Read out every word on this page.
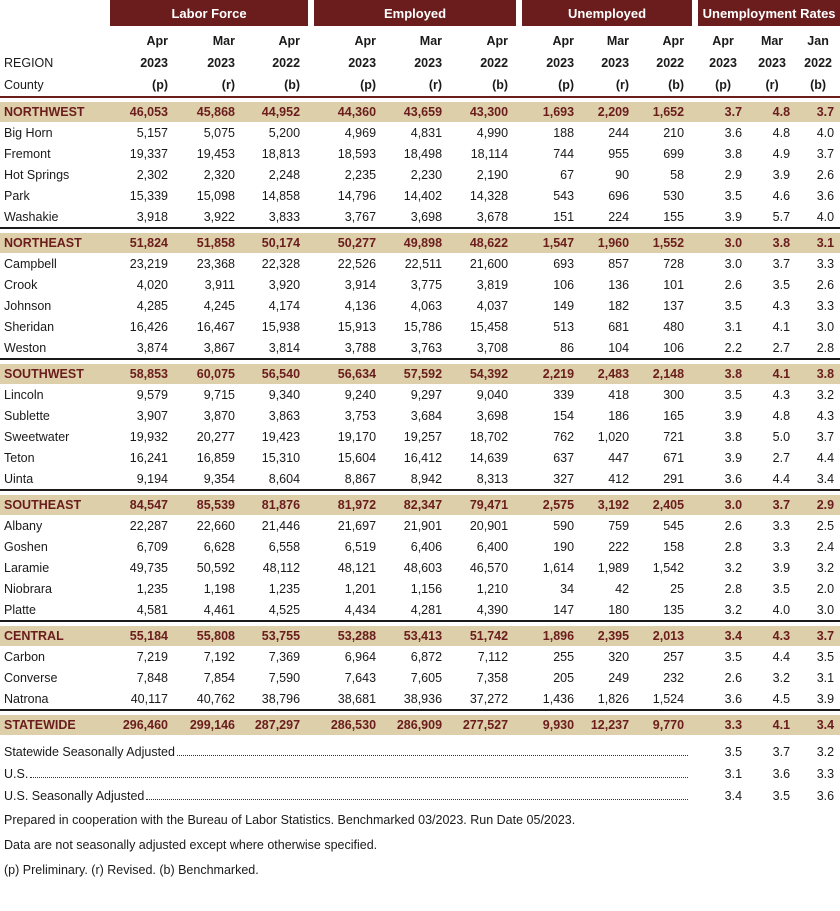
	Labor Force				Employed				Unemployed				Unemployment Rates		
	Apr	Mar	Apr		Apr	Mar	Apr		Apr	Mar	Apr		Apr	Mar	Jan
REGION	2023	2023	2022		2023	2023	2022		2023	2023	2022		2023	2023	2022
County	(p)	(r)	(b)		(p)	(r)	(b)		(p)	(r)	(b)		(p)	(r)	(b)

NORTHWEST	46,053	45,868	44,952		44,360	43,659	43,300		1,693	2,209	1,652		3.7	4.8	3.7
Big Horn	5,157	5,075	5,200		4,969	4,831	4,990		188	244	210		3.6	4.8	4.0
Fremont	19,337	19,453	18,813		18,593	18,498	18,114		744	955	699		3.8	4.9	3.7
Hot Springs	2,302	2,320	2,248		2,235	2,230	2,190		67	90	58		2.9	3.9	2.6
Park	15,339	15,098	14,858		14,796	14,402	14,328		543	696	530		3.5	4.6	3.6
Washakie	3,918	3,922	3,833		3,767	3,698	3,678		151	224	155		3.9	5.7	4.0

NORTHEAST	51,824	51,858	50,174		50,277	49,898	48,622		1,547	1,960	1,552		3.0	3.8	3.1
Campbell	23,219	23,368	22,328		22,526	22,511	21,600		693	857	728		3.0	3.7	3.3
Crook	4,020	3,911	3,920		3,914	3,775	3,819		106	136	101		2.6	3.5	2.6
Johnson	4,285	4,245	4,174		4,136	4,063	4,037		149	182	137		3.5	4.3	3.3
Sheridan	16,426	16,467	15,938		15,913	15,786	15,458		513	681	480		3.1	4.1	3.0
Weston	3,874	3,867	3,814		3,788	3,763	3,708		86	104	106		2.2	2.7	2.8

SOUTHWEST	58,853	60,075	56,540		56,634	57,592	54,392		2,219	2,483	2,148		3.8	4.1	3.8
Lincoln	9,579	9,715	9,340		9,240	9,297	9,040		339	418	300		3.5	4.3	3.2
Sublette	3,907	3,870	3,863		3,753	3,684	3,698		154	186	165		3.9	4.8	4.3
Sweetwater	19,932	20,277	19,423		19,170	19,257	18,702		762	1,020	721		3.8	5.0	3.7
Teton	16,241	16,859	15,310		15,604	16,412	14,639		637	447	671		3.9	2.7	4.4
Uinta	9,194	9,354	8,604		8,867	8,942	8,313		327	412	291		3.6	4.4	3.4

SOUTHEAST	84,547	85,539	81,876		81,972	82,347	79,471		2,575	3,192	2,405		3.0	3.7	2.9
Albany	22,287	22,660	21,446		21,697	21,901	20,901		590	759	545		2.6	3.3	2.5
Goshen	6,709	6,628	6,558		6,519	6,406	6,400		190	222	158		2.8	3.3	2.4
Laramie	49,735	50,592	48,112		48,121	48,603	46,570		1,614	1,989	1,542		3.2	3.9	3.2
Niobrara	1,235	1,198	1,235		1,201	1,156	1,210		34	42	25		2.8	3.5	2.0
Platte	4,581	4,461	4,525		4,434	4,281	4,390		147	180	135		3.2	4.0	3.0

CENTRAL	55,184	55,808	53,755		53,288	53,413	51,742		1,896	2,395	2,013		3.4	4.3	3.7
Carbon	7,219	7,192	7,369		6,964	6,872	7,112		255	320	257		3.5	4.4	3.5
Converse	7,848	7,854	7,590		7,643	7,605	7,358		205	249	232		2.6	3.2	3.1
Natrona	40,117	40,762	38,796		38,681	38,936	37,272		1,436	1,826	1,524		3.6	4.5	3.9

STATEWIDE	296,460	299,146	287,297		286,530	286,909	277,527		9,930	12,237	9,770		3.3	4.1	3.4

Statewide Seasonally Adjusted													3.5	3.7	3.2

U.S.													3.1	3.6	3.3

U.S. Seasonally Adjusted													3.4	3.5	3.6
Prepared in cooperation with the Bureau of Labor Statistics. Benchmarked 03/2023. Run Date 05/2023.															
Data are not seasonally adjusted except where otherwise specified.															
(p) Preliminary. (r) Revised. (b) Benchmarked.															
